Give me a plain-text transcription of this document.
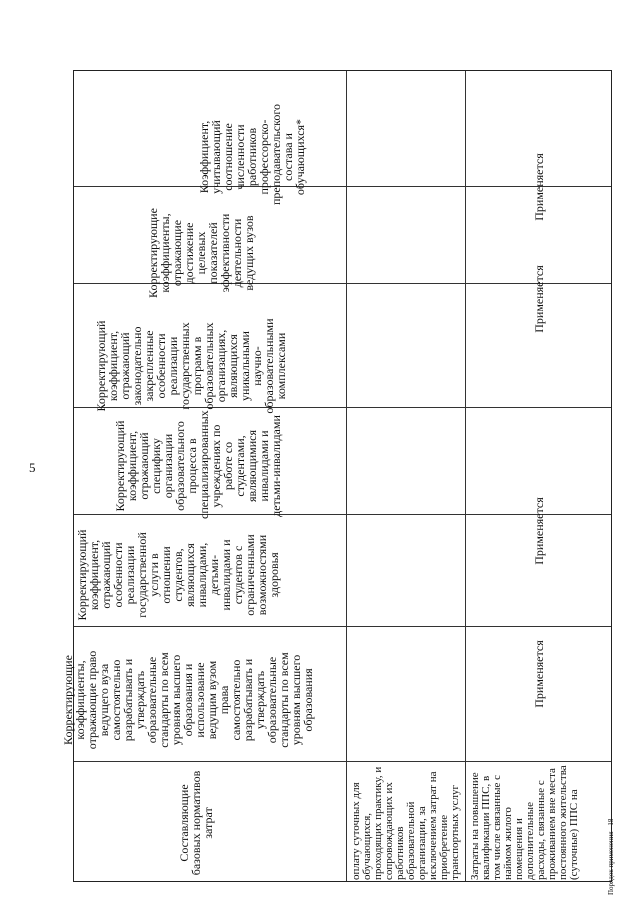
5
Коэффициент,
учитывающий
соотношение
численности
работников
профессорско-
преподавательского
состава и
обучающихся*
Корректирующие
коэффициенты,
отражающие
достижение
целевых
показателей
эффективности
деятельности
ведущих вузов
Корректирующий
коэффициент,
отражающий
законодательно
закрепленные
особенности
реализации
государственных
программ в
образовательных
организациях,
являющихся
уникальными
научно-
образовательными
комплексами
Корректирующий
коэффициент,
отражающий
специфику
организации
образовательного
процесса в
специализированных
учреждениях по
работе со
студентами,
являющимися
инвалидами и
детьми-инвалидами
Корректирующий
коэффициент,
отражающий
особенности
реализации
государственной
услуги в
отношении
студентов,
являющихся
инвалидами,
детьми-
инвалидами и
студентов с
ограниченными
возможностями
здоровья
Корректирующие
коэффициенты,
отражающие право
ведущего вуза
самостоятельно
разрабатывать и
утверждать
образовательные
стандарты по всем
уровням высшего
образования и
использование
ведущим вузом
права
самостоятельно
разрабатывать и
утверждать
образовательные
стандарты по всем
уровням высшего
образования
Составляющие
базовых нормативов
затрат
оплату суточных для
обучающихся,
проходящих практику, и
сопровождающих их
работников
образовательной
организации, за
исключением затрат на
приобретение
транспортных услуг
Затраты на повышение
квалификации ППС, в
том числе связанные с
наймом жилого
помещения и
дополнительные
расходы, связанные с
проживанием вне места
постоянного жительства
(суточные) ППС на
Применяется
Применяется
Применяется
Применяется
Порядок применения - 18
